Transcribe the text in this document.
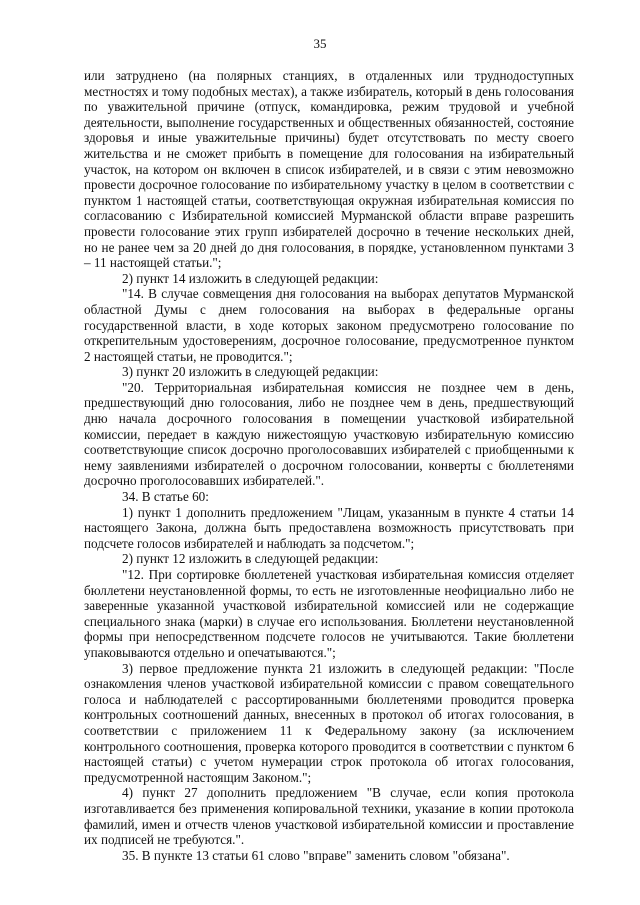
35

или затруднено (на полярных станциях, в отдаленных или труднодоступных местностях и тому подобных местах), а также избиратель, который в день голосования по уважительной причине (отпуск, командировка, режим трудовой и учебной деятельности, выполнение государственных и общественных обязанностей, состояние здоровья и иные уважительные причины) будет отсутствовать по месту своего жительства и не сможет прибыть в помещение для голосования на избирательный участок, на котором он включен в список избирателей, и в связи с этим невозможно провести досрочное голосование по избирательному участку в целом в соответствии с пунктом 1 настоящей статьи, соответствующая окружная избирательная комиссия по согласованию с Избирательной комиссией Мурманской области вправе разрешить провести голосование этих групп избирателей досрочно в течение нескольких дней, но не ранее чем за 20 дней до дня голосования, в порядке, установленном пунктами 3 – 11 настоящей статьи.";

2) пункт 14 изложить в следующей редакции:

"14. В случае совмещения дня голосования на выборах депутатов Мурманской областной Думы с днем голосования на выборах в федеральные органы государственной власти, в ходе которых законом предусмотрено голосование по открепительным удостоверениям, досрочное голосование, предусмотренное пунктом 2 настоящей статьи, не проводится.";

3) пункт 20 изложить в следующей редакции:

"20. Территориальная избирательная комиссия не позднее чем в день, предшествующий дню голосования, либо не позднее чем в день, предшествующий дню начала досрочного голосования в помещении участковой избирательной комиссии, передает в каждую нижестоящую участковую избирательную комиссию соответствующие список досрочно проголосовавших избирателей с приобщенными к нему заявлениями избирателей о досрочном голосовании, конверты с бюллетенями досрочно проголосовавших избирателей.".

34. В статье 60:

1) пункт 1 дополнить предложением "Лицам, указанным в пункте 4 статьи 14 настоящего Закона, должна быть предоставлена возможность присутствовать при подсчете голосов избирателей и наблюдать за подсчетом.";

2) пункт 12 изложить в следующей редакции:

"12. При сортировке бюллетеней участковая избирательная комиссия отделяет бюллетени неустановленной формы, то есть не изготовленные неофициально либо не заверенные указанной участковой избирательной комиссией или не содержащие специального знака (марки) в случае его использования. Бюллетени неустановленной формы при непосредственном подсчете голосов не учитываются. Такие бюллетени упаковываются отдельно и опечатываются.";

3) первое предложение пункта 21 изложить в следующей редакции: "После ознакомления членов участковой избирательной комиссии с правом совещательного голоса и наблюдателей с рассортированными бюллетенями проводится проверка контрольных соотношений данных, внесенных в протокол об итогах голосования, в соответствии с приложением 11 к Федеральному закону (за исключением контрольного соотношения, проверка которого проводится в соответствии с пунктом 6 настоящей статьи) с учетом нумерации строк протокола об итогах голосования, предусмотренной настоящим Законом.";

4) пункт 27 дополнить предложением "В случае, если копия протокола изготавливается без применения копировальной техники, указание в копии протокола фамилий, имен и отчеств членов участковой избирательной комиссии и проставление их подписей не требуются.".

35. В пункте 13 статьи 61 слово "вправе" заменить словом "обязана".
